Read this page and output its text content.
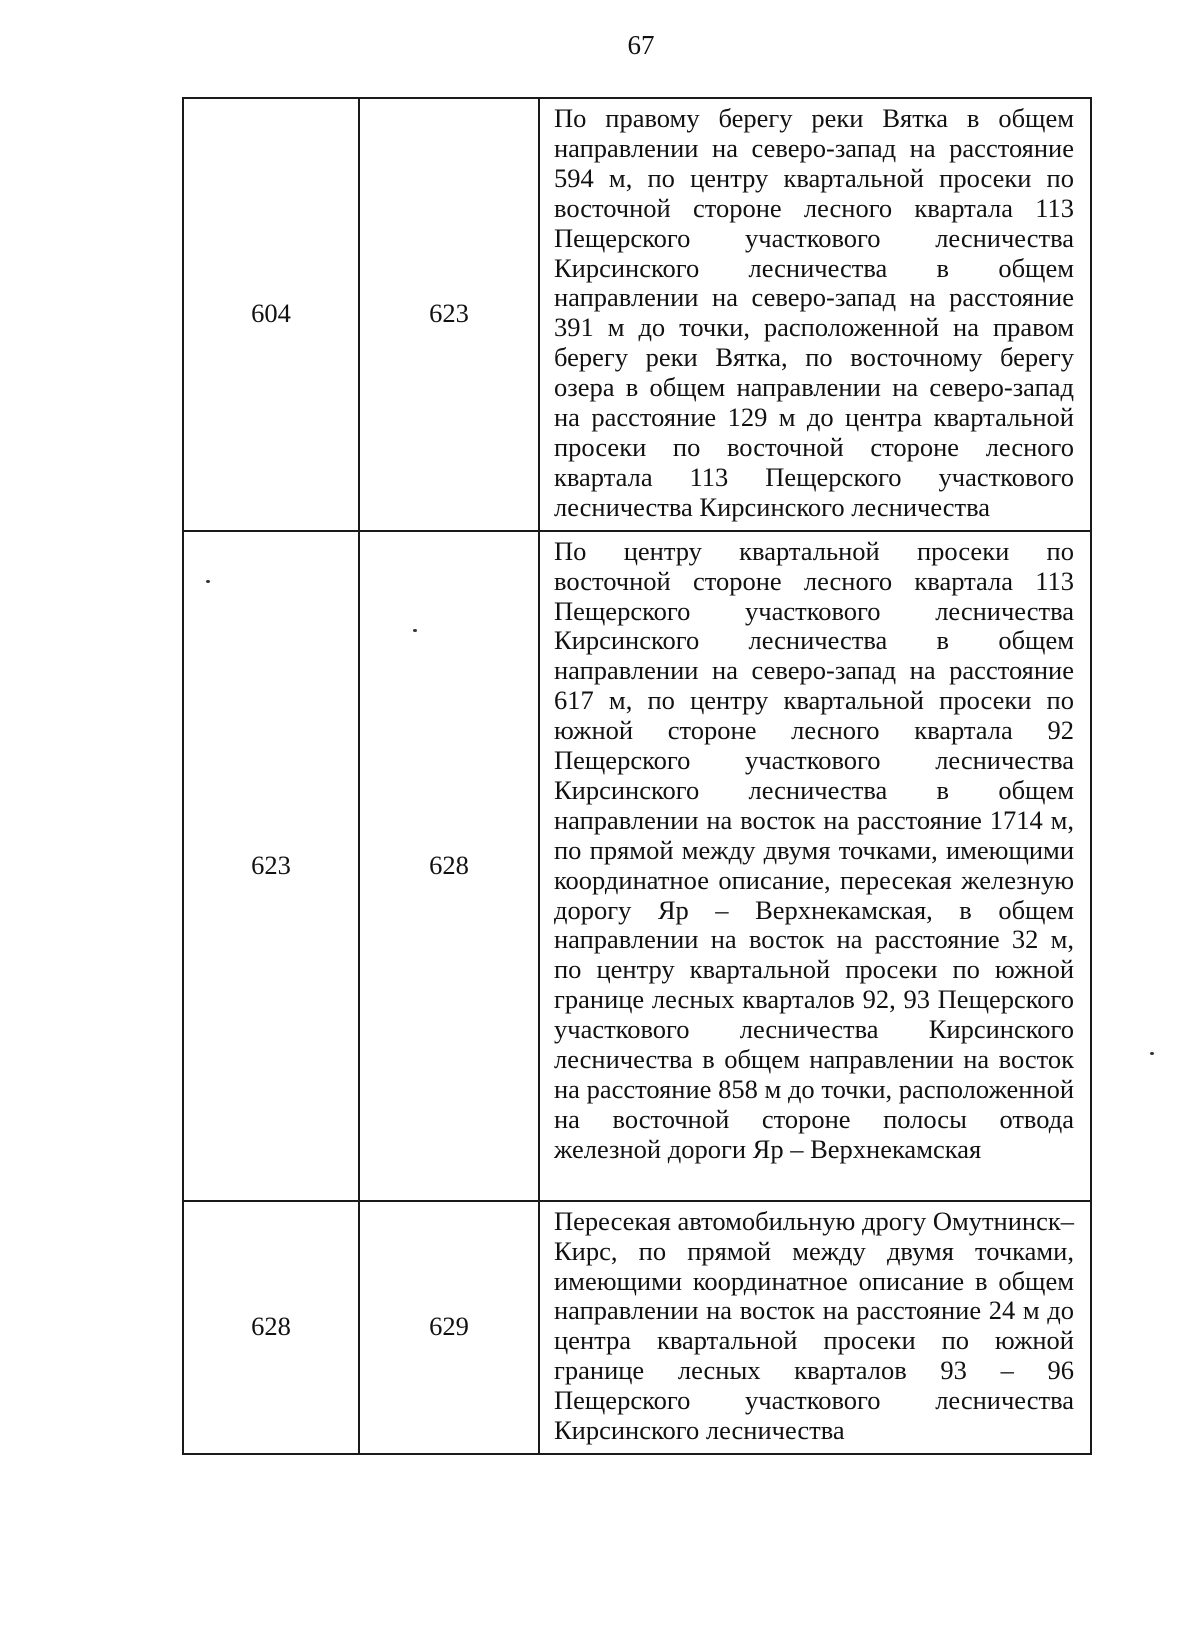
67
604	623	По правому берегу реки Вятка в общем направлении на северо-запад на расстояние 594 м, по центру квартальной просеки по восточной стороне лесного квартала 113 Пещерского участкового лесничества Кирсинского лесничества в общем направлении на северо-запад на расстояние 391 м до точки, расположенной на правом берегу реки Вятка, по восточному берегу озера в общем направлении на северо-запад на расстояние 129 м до центра квартальной просеки по восточной стороне лесного квартала 113 Пещерского участкового лесничества Кирсинского лесничества
623	628	По центру квартальной просеки по восточной стороне лесного квартала 113 Пещерского участкового лесничества Кирсинского лесничества в общем направлении на северо-запад на расстояние 617 м, по центру квартальной просеки по южной стороне лесного квартала 92 Пещерского участкового лесничества Кирсинского лесничества в общем направлении на восток на расстояние 1714 м, по прямой между двумя точками, имеющими координатное описание, пересекая железную дорогу Яр – Верхнекамская, в общем направлении на восток на расстояние 32 м, по центру квартальной просеки по южной границе лесных кварталов 92, 93 Пещерского участкового лесничества Кирсинского лесничества в общем направлении на восток на расстояние 858 м до точки, расположенной на восточной стороне полосы отвода железной дороги Яр – Верхнекамская
628	629	Пересекая автомобильную дрогу Омутнинск– Кирс, по прямой между двумя точками, имеющими координатное описание в общем направлении на восток на расстояние 24 м до центра квартальной просеки по южной границе лесных кварталов 93 – 96 Пещерского участкового лесничества Кирсинского лесничества
